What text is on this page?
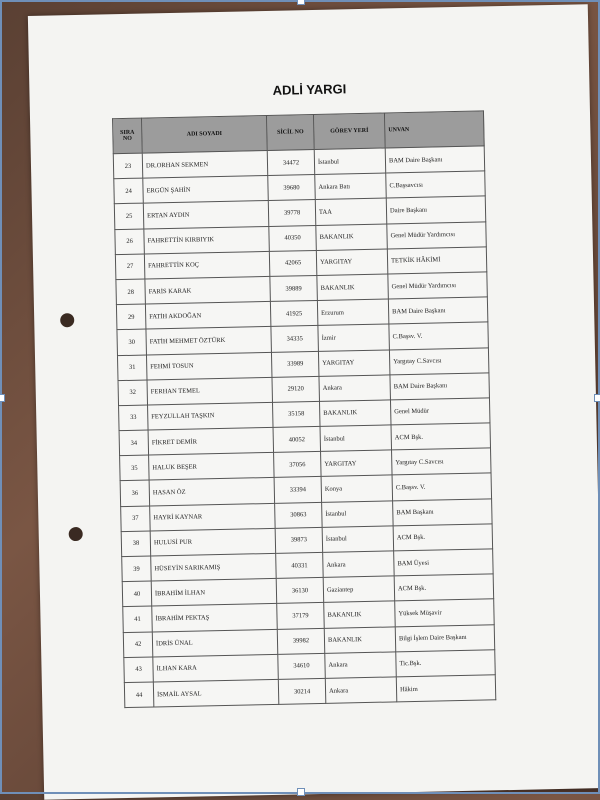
ADLİ YARGI
SIRA NO	ADI SOYADI	SİCİL NO	GÖREV YERİ	UNVAN
23	DR.ORHAN SEKMEN	34472	İstanbul	BAM Daire Başkanı
24	ERGÜN ŞAHİN	39680	Ankara Batı	C.Başsavcısı
25	ERTAN AYDIN	39778	TAA	Daire Başkanı
26	FAHRETTİN KIRBIYIK	40350	BAKANLIK	Genel Müdür Yardımcısı
27	FAHRETTİN KOÇ	42065	YARGITAY	TETKİK HÂKİMİ
28	FARİS KARAK	39889	BAKANLIK	Genel Müdür Yardımcısı
29	FATİH AKDOĞAN	41925	Erzurum	BAM Daire Başkanı
30	FATİH MEHMET ÖZTÜRK	34335	İzmir	C.Başsv. V.
31	FEHMİ TOSUN	33989	YARGITAY	Yargıtay C.Savcısı
32	FERHAN TEMEL	29120	Ankara	BAM Daire Başkanı
33	FEYZULLAH TAŞKIN	35158	BAKANLIK	Genel Müdür
34	FİKRET DEMİR	40052	İstanbul	ACM Bşk.
35	HALUK BEŞER	37056	YARGITAY	Yargıtay C.Savcısı
36	HASAN ÖZ	33394	Konya	C.Başsv. V.
37	HAYRİ KAYNAR	30863	İstanbul	BAM Başkanı
38	HULUSİ PUR	39873	İstanbul	ACM Bşk.
39	HÜSEYİN SARIKAMIŞ	40331	Ankara	BAM Üyesi
40	İBRAHİM İLHAN	36130	Gaziantep	ACM Bşk.
41	İBRAHİM PEKTAŞ	37179	BAKANLIK	Yüksek Müşavir
42	İDRİS ÜNAL	39982	BAKANLIK	Bilgi İşlem Daire Başkanı
43	İLHAN KARA	34610	Ankara	Tic.Bşk.
44	İSMAİL AYSAL	30214	Ankara	Hâkim
